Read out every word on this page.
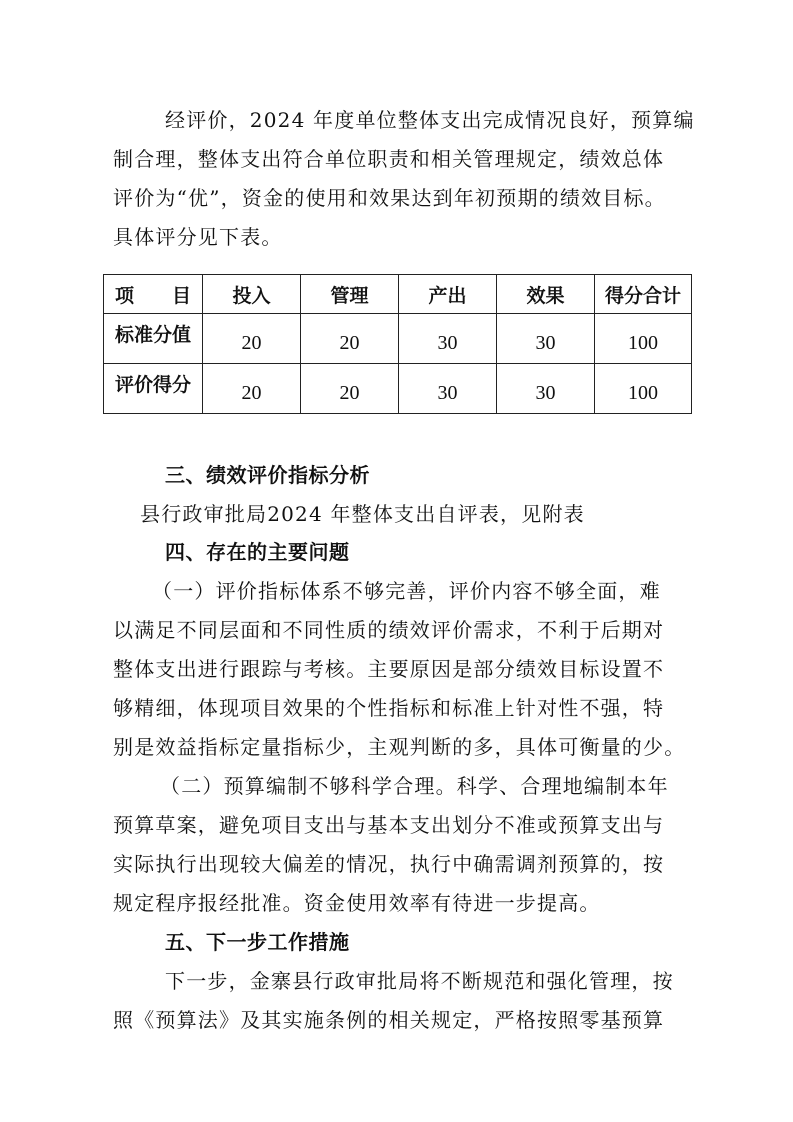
经评价，2024 年度单位整体支出完成情况良好，预算编
制合理，整体支出符合单位职责和相关管理规定，绩效总体
评价为“优”，资金的使用和效果达到年初预期的绩效目标。
具体评分见下表。
项　　目	投入	管理	产出	效果	得分合计
标准分值	20	20	30	30	100
评价得分	20	20	30	30	100
三、绩效评价指标分析
县行政审批局2024 年整体支出自评表，见附表
四、存在的主要问题
（一）评价指标体系不够完善，评价内容不够全面，难
以满足不同层面和不同性质的绩效评价需求，不利于后期对
整体支出进行跟踪与考核。主要原因是部分绩效目标设置不
够精细，体现项目效果的个性指标和标准上针对性不强，特
别是效益指标定量指标少，主观判断的多，具体可衡量的少。
（二）预算编制不够科学合理。科学、合理地编制本年
预算草案，避免项目支出与基本支出划分不准或预算支出与
实际执行出现较大偏差的情况，执行中确需调剂预算的，按
规定程序报经批准。资金使用效率有待进一步提高。
五、下一步工作措施
下一步，金寨县行政审批局将不断规范和强化管理，按
照《预算法》及其实施条例的相关规定，严格按照零基预算
